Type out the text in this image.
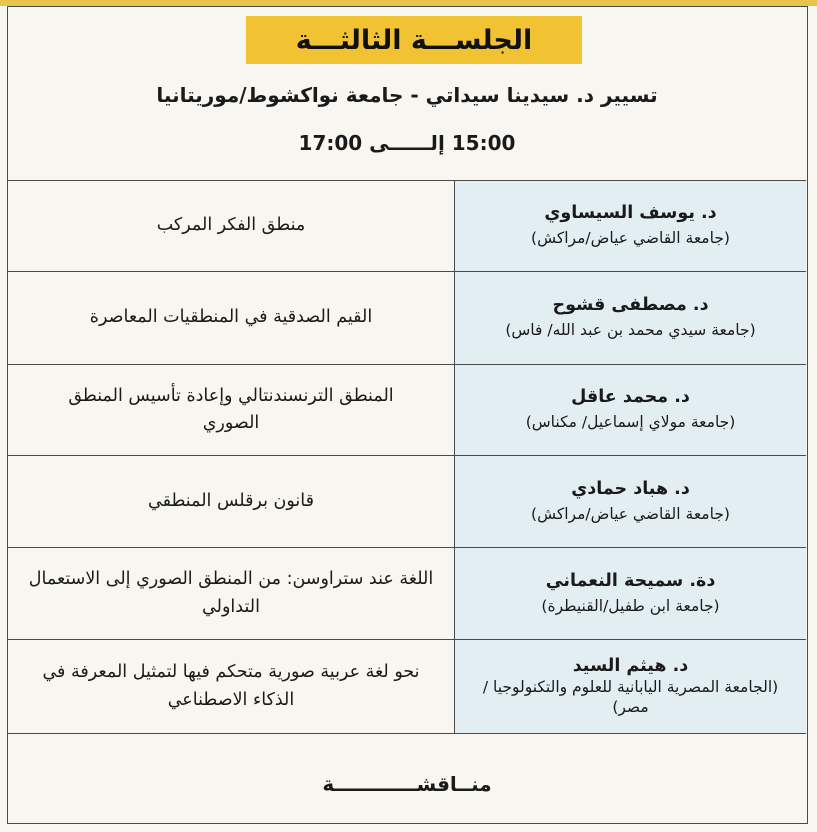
الجلســـة الثالثـــة
تسيير د. سيدينا سيداتي - جامعة نواكشوط/موريتانيا
15:00 إلــــــى 17:00
د. يوسف السيساوي
(جامعة القاضي عياض/مراكش)
منطق الفكر المركب
د. مصطفى قشوح
(جامعة سيدي محمد بن عبد الله/ فاس)
القيم الصدقية في المنطقيات المعاصرة
د. محمد عاقل
(جامعة مولاي إسماعيل/ مكناس)
المنطق الترنسندنتالي وإعادة تأسيس المنطق الصوري
د. هباد حمادي
(جامعة القاضي عياض/مراكش)
قانون برقلس المنطقي
دة. سميحة النعماني
(جامعة ابن طفيل/القنيطرة)
اللغة عند ستراوسن: من المنطق الصوري إلى الاستعمال التداولي
د. هيثم السيد
(الجامعة المصرية اليابانية للعلوم والتكنولوجيا /مصر)
نحو لغة عربية صورية متحكم فيها لتمثيل المعرفة في الذكاء الاصطناعي
منــاقشــــــــــــة
